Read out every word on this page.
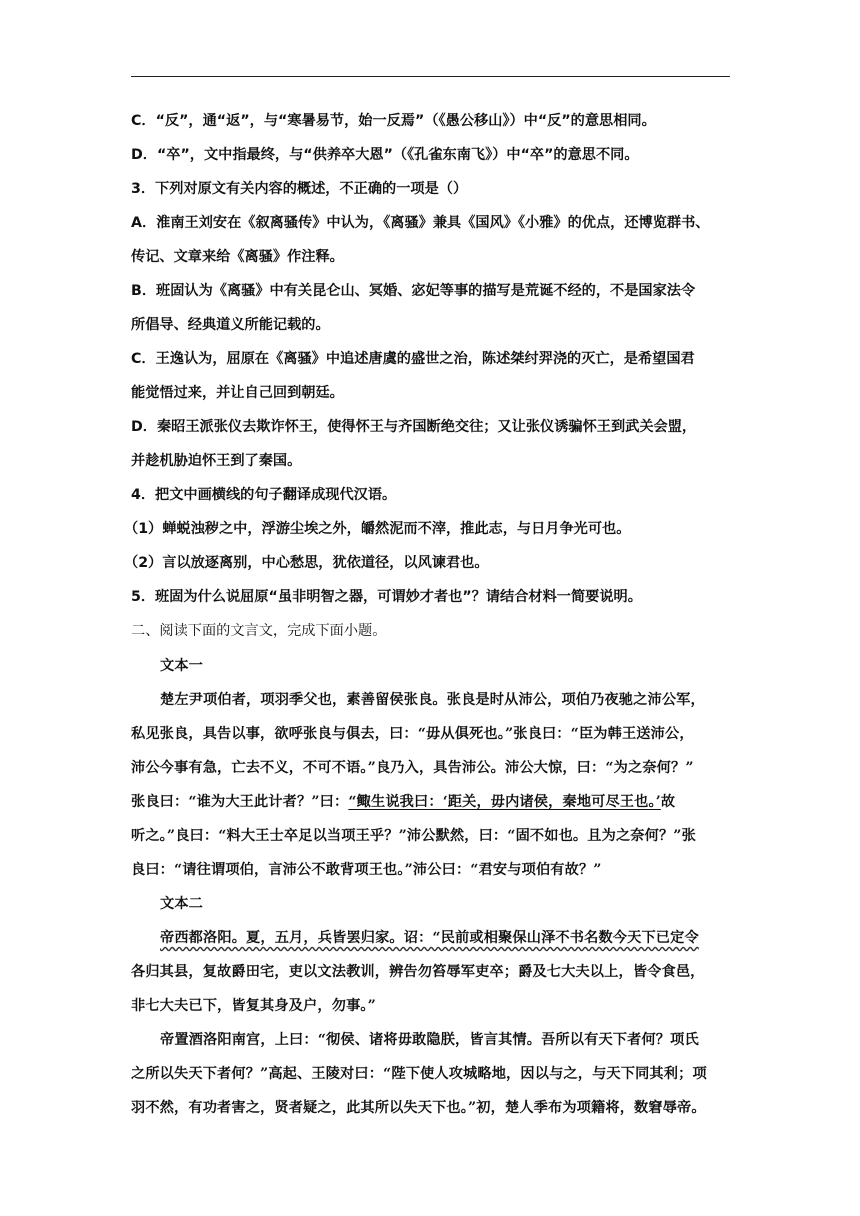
C．“反”，通“返”，与“寒暑易节，始一反焉”（《愚公移山》）中“反”的意思相同。
D．“卒”，文中指最终，与“供养卒大恩”（《孔雀东南飞》）中“卒”的意思不同。
3．下列对原文有关内容的概述，不正确的一项是（）
A．淮南王刘安在《叙离骚传》中认为，《离骚》兼具《国风》《小雅》的优点，还博览群书、
传记、文章来给《离骚》作注释。
B．班固认为《离骚》中有关昆仑山、冥婚、宓妃等事的描写是荒诞不经的，不是国家法令
所倡导、经典道义所能记载的。
C．王逸认为，屈原在《离骚》中追述唐虞的盛世之治，陈述桀纣羿浇的灭亡，是希望国君
能觉悟过来，并让自己回到朝廷。
D．秦昭王派张仪去欺诈怀王，使得怀王与齐国断绝交往；又让张仪诱骗怀王到武关会盟，
并趁机胁迫怀王到了秦国。
4．把文中画横线的句子翻译成现代汉语。
（1）蝉蜕浊秽之中，浮游尘埃之外，皭然泥而不滓，推此志，与日月争光可也。
（2）言以放逐离别，中心愁思，犹依道径，以风谏君也。
5．班固为什么说屈原“虽非明智之器，可谓妙才者也”？请结合材料一简要说明。
二、阅读下面的文言文，完成下面小题。
文本一
楚左尹项伯者，项羽季父也，素善留侯张良。张良是时从沛公，项伯乃夜驰之沛公军，
私见张良，具告以事，欲呼张良与俱去，曰：“毋从俱死也。”张良曰：“臣为韩王送沛公，
沛公今事有急，亡去不义，不可不语。”良乃入，具告沛公。沛公大惊，曰：“为之奈何？”
张良曰：“谁为大王此计者？”曰：“鲰生说我曰：‘距关，毋内诸侯，秦地可尽王也。’故
听之。”良曰：“料大王士卒足以当项王乎？”沛公默然，曰：“固不如也。且为之奈何？”张
良曰：“请往谓项伯，言沛公不敢背项王也。”沛公曰：“君安与项伯有故？”
文本二
帝西都洛阳。夏，五月，兵皆罢归家。诏：“民前或相聚保山泽不书名数今天下已定令
各归其县，复故爵田宅，吏以文法教训，辨告勿笞辱军吏卒；爵及七大夫以上，皆令食邑，
非七大夫已下，皆复其身及户，勿事。”
帝置酒洛阳南宫，上曰：“彻侯、诸将毋敢隐朕，皆言其情。吾所以有天下者何？项氏
之所以失天下者何？”高起、王陵对曰：“陛下使人攻城略地，因以与之，与天下同其利；项
羽不然，有功者害之，贤者疑之，此其所以失天下也。”初，楚人季布为项籍将，数窘辱帝。
